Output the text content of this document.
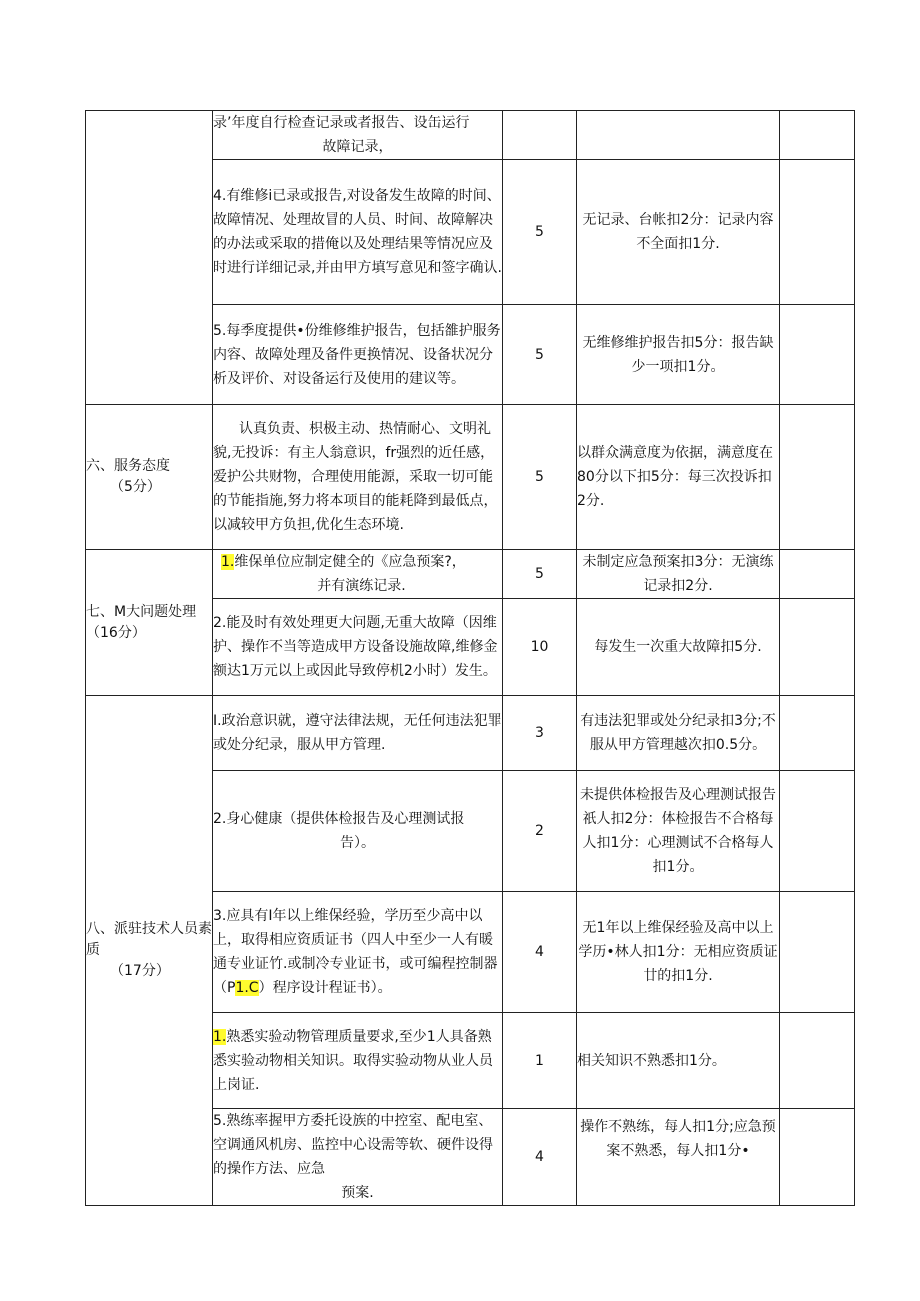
	录’年度自行检查记录或者报告、设缶运行
故障记录，			

	4.有维修i已录或报告,对设备发生故障的时间、故障情况、处理故冒的人员、时间、故障解决的办法或采取的措俺以及处理结果等情况应及时进行详细记录,并由甲方填写意见和签字确认.	5	无记录、台帐扣2分：记录内容不全面扣1分.	
	5.每季度提供•份维修维护报告，包括雒护服务内容、故障处理及备件更换情况、设备状况分析及评价、对设备运行及使用的建议等。	5	无维修维护报告扣5分：报告缺少一项扣1分。	

六、服务态度
（5分）	认真负责、枳极主动、热情耐心、文明礼貌,无投诉：有主人翁意识，fr强烈的近任感，爱护公共财物，合理使用能源，采取一切可能的节能指施,努力将本项目的能耗降到最低点，以减较甲方负担,优化生态环境.	5	以群众满意度为依据，满意度在80分以下扣5分：每三次投诉扣2分.	

七、M大问题处理
（16分）	1.维保单位应制定健全的《应急预案?，
并有演练记录.	5	未制定应急预案扣3分：无演练记录扣2分.	
	2.能及时有效处理更大问题,无重大故障（因维护、操作不当等造成甲方设备设施故障,维修金额达1万元以上或因此导致停机2小时）发生。	10	每发生一次重大故障扣5分.	

八、派驻技术人员素质
（17分）	I.政治意识就，遵守法律法规，无任何违法犯罪或处分纪录，服从甲方管理.	3	有违法犯罪或处分纪录扣3分;不服从甲方管理越次扣0.5分。	
	2.身心健康（提供体检报告及心理测试报
告）。	2	未提供体检报告及心理测试报告祇人扣2分：体检报告不合格每人扣1分：心理测试不合格每人扣1分。	
	3.应具有I年以上维保经验，学历至少高中以上，取得相应资质证书（四人中至少一人有暖通专业证竹.或制冷专业证书，或可编程控制器（P1.C）程序设计程证书）。	4	无1年以上维保经验及高中以上学历•林人扣1分：无相应资质证廿的扣1分.	
	1.熟悉实验动物管理质量要求,至少1人具备熟悉实验动物相关知识。取得实验动物从业人员上岗证.	1	相关知识不熟悉扣1分。	
	5.熟练率握甲方委托设族的中控室、配电室、空调通风机房、监控中心设需等软、硬件设得的操作方法、应急
预案.	4	操作不熟练，每人扣1分;应急预案不熟悉，每人扣1分•	
